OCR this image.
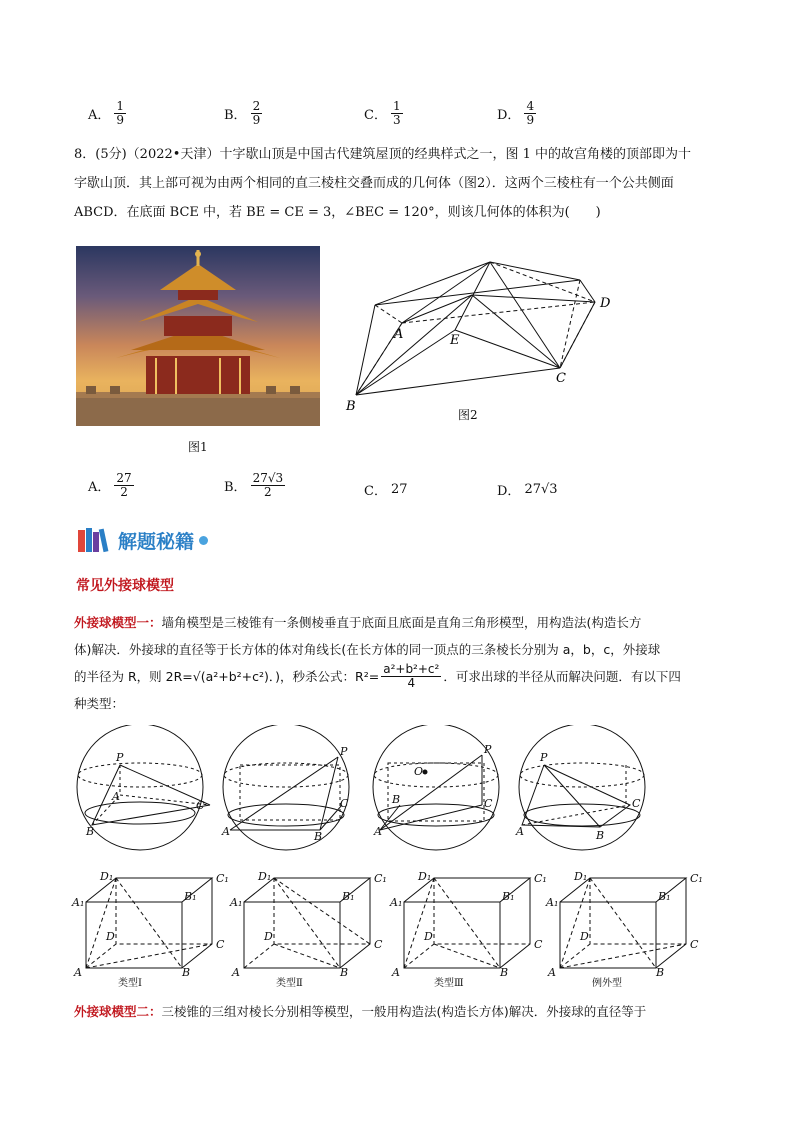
A． $\frac{1}{9}$	B． $\frac{2}{9}$	C． $\frac{1}{3}$	D． $\frac{4}{9}$
8．(5分)（2022•天津）十字歇山顶是中国古代建筑屋顶的经典样式之一，图 1 中的故宫角楼的顶部即为十
字歇山顶．其上部可视为由两个相同的直三棱柱交叠而成的几何体（图2）．这两个三棱柱有一个公共侧面
ABCD．在底面 BCE 中，若 BE = CE = 3，∠BEC = 120°，则该几何体的体积为(　　)
图1
A	E
B
C
D
图2
A． $\frac{27}{2}$	B． $\frac{27√3}{2}$	C． 27	D． 27√3
解题秘籍
常见外接球模型
外接球模型一：墙角模型是三棱锥有一条侧棱垂直于底面且底面是直角三角形模型，用构造法(构造长方
体)解决．外接球的直径等于长方体的体对角线长(在长方体的同一顶点的三条棱长分别为 a，b，c，外接球
的半径为 R，则 2R=√(a²+b²+c²)．)，秒杀公式：$R^2= \frac{\text{a²+b²+c²}}{4}$ ．可求出球的半径从而解决问题．有以下四
种类型：
P
A
B
C
P
C
A	B
P
C
A
B
O
P
C
A	B
D₁	C₁
A₁	B₁
D
C
A	B
D₁	C₁
A₁	B₁
D
C
A	B
D₁	C₁
A₁	B₁
D
C
A	B
D₁	C₁
A₁	B₁
D
C
A	B
类型Ⅰ	类型Ⅱ	类型Ⅲ	例外型
外接球模型二：三棱锥的三组对棱长分别相等模型，一般用构造法(构造长方体)解决．外接球的直径等于
